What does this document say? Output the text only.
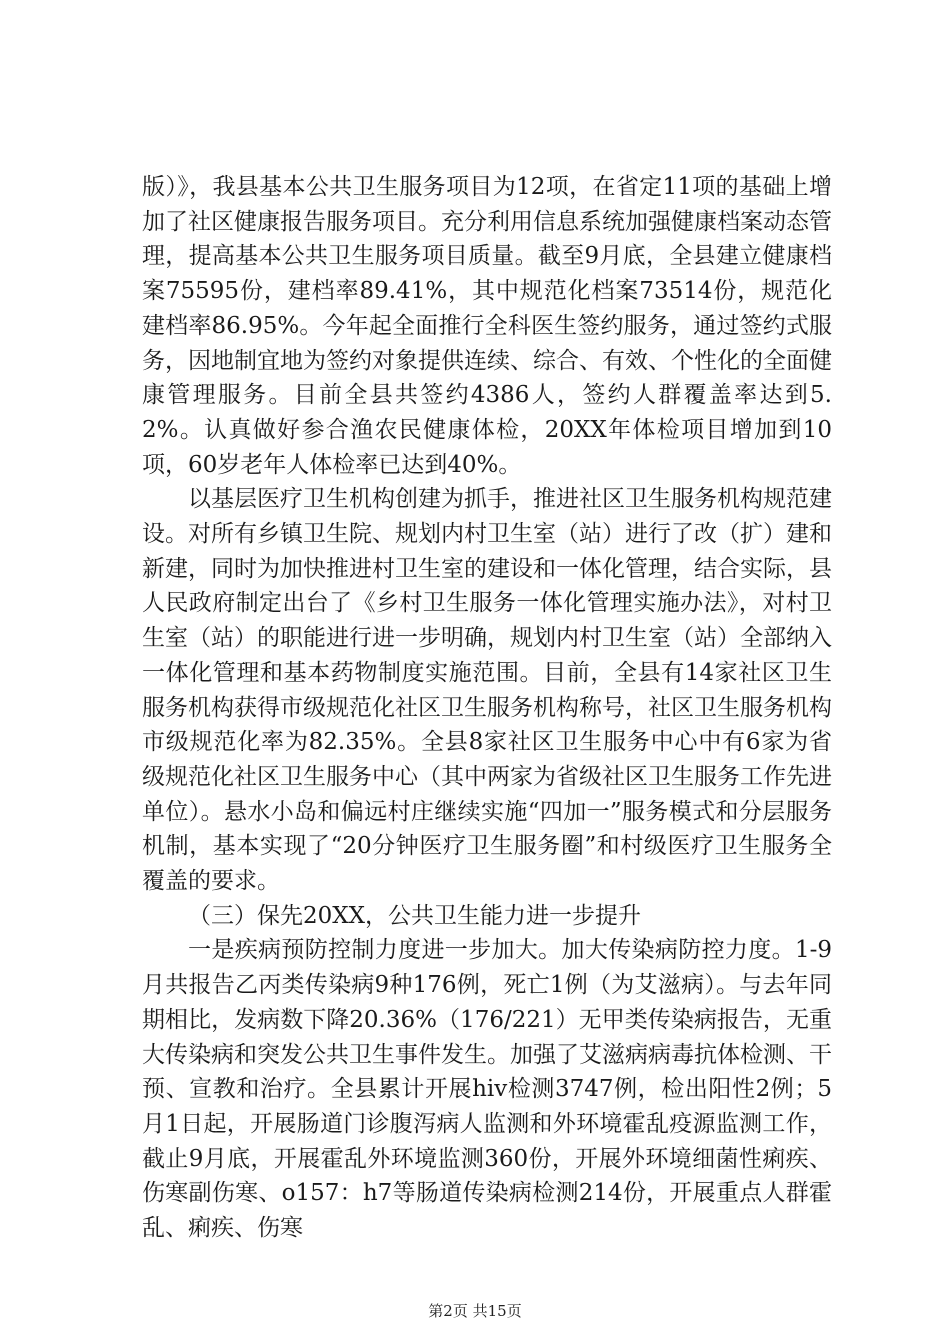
版）》，我县基本公共卫生服务项目为12项，在省定11项的基础上增加了社区健康报告服务项目。充分利用信息系统加强健康档案动态管理，提高基本公共卫生服务项目质量。截至9月底，全县建立健康档案75595份，建档率89.41%，其中规范化档案73514份，规范化建档率86.95%。今年起全面推行全科医生签约服务，通过签约式服务，因地制宜地为签约对象提供连续、综合、有效、个性化的全面健康管理服务。目前全县共签约4386人，签约人群覆盖率达到5.2%。认真做好参合渔农民健康体检，20XX年体检项目增加到10项，60岁老年人体检率已达到40%。

以基层医疗卫生机构创建为抓手，推进社区卫生服务机构规范建设。对所有乡镇卫生院、规划内村卫生室（站）进行了改（扩）建和新建，同时为加快推进村卫生室的建设和一体化管理，结合实际，县人民政府制定出台了《乡村卫生服务一体化管理实施办法》，对村卫生室（站）的职能进行进一步明确，规划内村卫生室（站）全部纳入一体化管理和基本药物制度实施范围。目前，全县有14家社区卫生服务机构获得市级规范化社区卫生服务机构称号，社区卫生服务机构市级规范化率为82.35%。全县8家社区卫生服务中心中有6家为省级规范化社区卫生服务中心（其中两家为省级社区卫生服务工作先进单位）。悬水小岛和偏远村庄继续实施“四加一”服务模式和分层服务机制，基本实现了“20分钟医疗卫生服务圈”和村级医疗卫生服务全覆盖的要求。

（三）保先20XX，公共卫生能力进一步提升

一是疾病预防控制力度进一步加大。加大传染病防控力度。1-9月共报告乙丙类传染病9种176例，死亡1例（为艾滋病）。与去年同期相比，发病数下降20.36%（176/221）无甲类传染病报告，无重大传染病和突发公共卫生事件发生。加强了艾滋病病毒抗体检测、干预、宣教和治疗。全县累计开展hiv检测3747例，检出阳性2例；5月1日起，开展肠道门诊腹泻病人监测和外环境霍乱疫源监测工作，截止9月底，开展霍乱外环境监测360份，开展外环境细菌性痢疾、伤寒副伤寒、o157：h7等肠道传染病检测214份，开展重点人群霍乱、痢疾、伤寒

第2页 共15页
